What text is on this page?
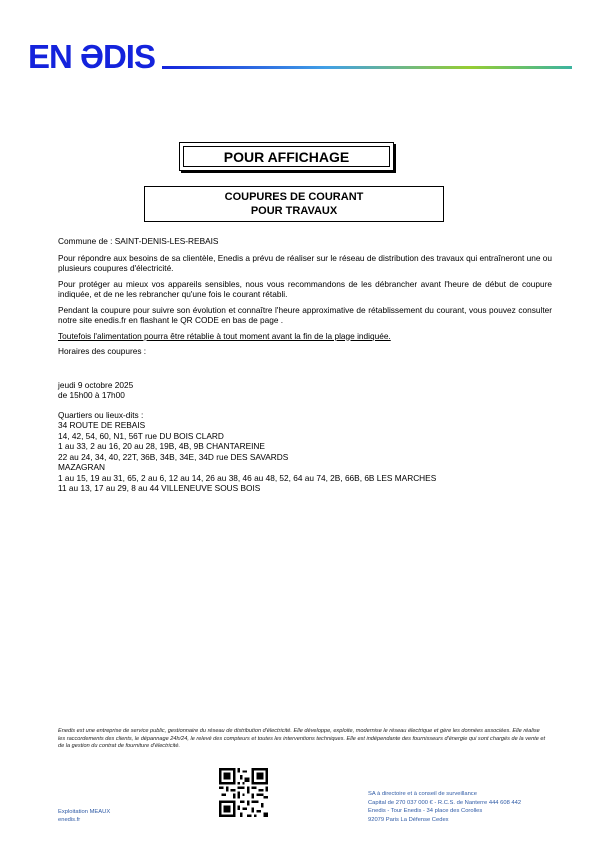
EN ƏDIS
POUR AFFICHAGE
COUPURES DE COURANT
POUR TRAVAUX

Commune de : SAINT-DENIS-LES-REBAIS

Pour répondre aux besoins de sa clientèle, Enedis a prévu de réaliser sur le réseau de distribution des travaux qui entraîneront une ou plusieurs coupures d'électricité.

Pour protéger au mieux vos appareils sensibles, nous vous recommandons de les débrancher avant l'heure de début de coupure indiquée, et de ne les rebrancher qu'une fois le courant rétabli.

Pendant la coupure pour suivre son évolution et connaître l'heure approximative de rétablissement du courant, vous pouvez consulter notre site enedis.fr en flashant le QR CODE en bas de page .

Toutefois l'alimentation pourra être rétablie à tout moment avant la fin de la plage indiquée.

Horaires des coupures :

jeudi 9 octobre 2025
de 15h00 à 17h00
Quartiers ou lieux-dits :
34 ROUTE DE REBAIS
14, 42, 54, 60, N1, 56T rue DU BOIS CLARD
1 au 33, 2 au 16, 20 au 28, 19B, 4B, 9B CHANTAREINE
22 au 24, 34, 40, 22T, 36B, 34B, 34E, 34D rue DES SAVARDS
MAZAGRAN
1 au 15, 19 au 31, 65, 2 au 6, 12 au 14, 26 au 38, 46 au 48, 52, 64 au 74, 2B, 66B, 6B LES MARCHES
11 au 13, 17 au 29, 8 au 44 VILLENEUVE SOUS BOIS
Enedis est une entreprise de service public, gestionnaire du réseau de distribution d'électricité. Elle développe, exploite, modernise le réseau électrique et gère les données associées. Elle réalise les raccordements des clients, le dépannage 24h/24, le relevé des compteurs et toutes les interventions techniques. Elle est indépendante des fournisseurs d'énergie qui sont chargés de la vente et de la gestion du contrat de fourniture d'électricité.
Exploitation MEAUX
enedis.fr
SA à directoire et à conseil de surveillance
Capital de 270 037 000 € - R.C.S. de Nanterre 444 608 442
Enedis - Tour Enedis - 34 place des Corolles
92079 Paris La Défense Cedex
